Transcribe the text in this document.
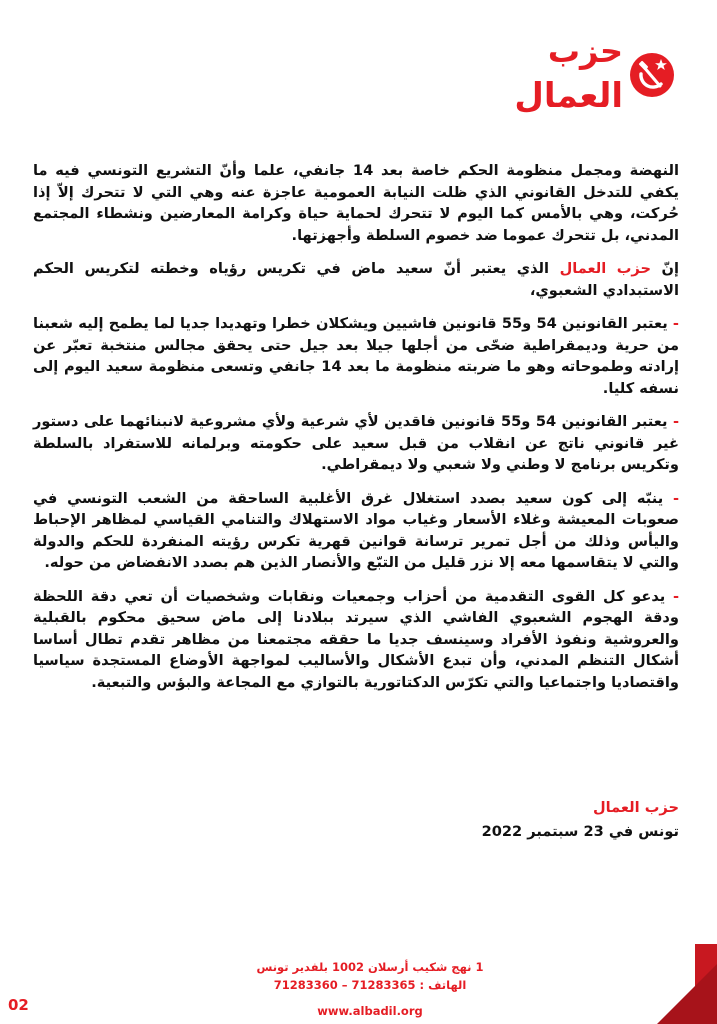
حزب
العمال

النهضة ومجمل منظومة الحكم خاصة بعد 14 جانفي، علما وأنّ التشريع التونسي فيه ما يكفي للتدخل القانوني الذي ظلت النيابة العمومية عاجزة عنه وهي التي لا تتحرك إلاّ إذا حُركت، وهي بالأمس كما اليوم لا تتحرك لحماية حياة وكرامة المعارضين ونشطاء المجتمع المدني، بل تتحرك عموما ضد خصوم السلطة وأجهزتها.

إنّ حزب العمال الذي يعتبر أنّ سعيد ماض في تكريس رؤياه وخطته لتكريس الحكم الاستبدادي الشعبوي،

- يعتبر القانونين 54 و55 قانونين فاشيين ويشكلان خطرا وتهديدا جديا لما يطمح إليه شعبنا من حرية وديمقراطية ضحّى من أجلها جيلا بعد جيل حتى يحقق مجالس منتخبة تعبّر عن إرادته وطموحاته وهو ما ضربته منظومة ما بعد 14 جانفي وتسعى منظومة سعيد اليوم إلى نسفه كليا.

- يعتبر القانونين 54 و55 قانونين فاقدين لأي شرعية ولأي مشروعية لانبنائهما على دستور غير قانوني ناتج عن انقلاب من قبل سعيد على حكومته وبرلمانه للاستفراد بالسلطة وتكريس برنامج لا وطني ولا شعبي ولا ديمقراطي.

- ينبّه إلى كون سعيد بصدد استغلال غرق الأغلبية الساحقة من الشعب التونسي في صعوبات المعيشة وغلاء الأسعار وغياب مواد الاستهلاك والتنامي القياسي لمظاهر الإحباط واليأس وذلك من أجل تمرير ترسانة قوانين قهرية تكرس رؤيته المنفردة للحكم والدولة والتي لا يتقاسمها معه إلا نزر قليل من التبّع والأنصار الذين هم بصدد الانفضاض من حوله.

- يدعو كل القوى التقدمية من أحزاب وجمعيات ونقابات وشخصيات أن تعي دقة اللحظة ودقة الهجوم الشعبوي الفاشي الذي سيرتد ببلادنا إلى ماض سحيق محكوم بالقبلية والعروشية ونفوذ الأفراد وسينسف جديا ما حققه مجتمعنا من مظاهر تقدم تطال أساسا أشكال التنظم المدني، وأن تبدع الأشكال والأساليب لمواجهة الأوضاع المستجدة سياسيا واقتصاديا واجتماعيا والتي تكرّس الدكتاتورية بالتوازي مع المجاعة والبؤس والتبعية.

حزب العمال
تونس في 23 سبتمبر 2022
1 نهج شكيب أرسلان 1002 بلفدير تونس
الهاتف : 71283365 – 71283360
www.albadil.org
02
